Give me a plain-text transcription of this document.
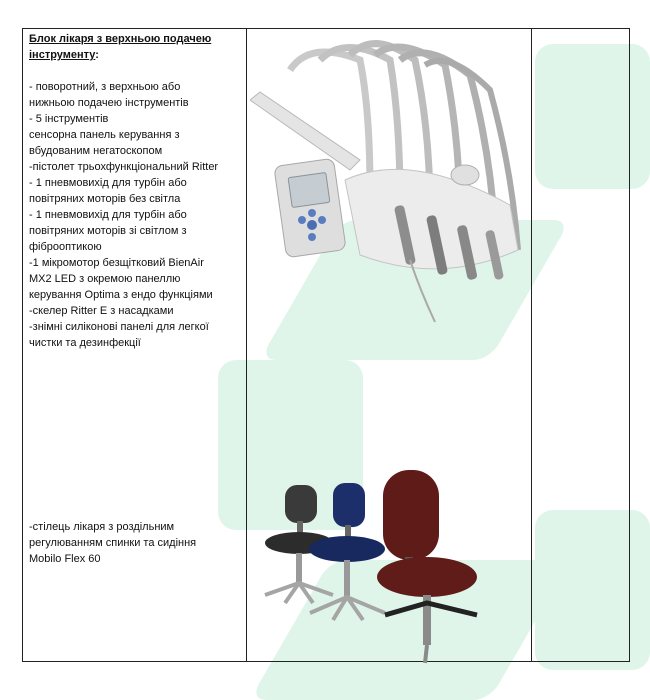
Блок лікаря з верхньою подачею
інструменту:
- поворотний, з верхньою або
нижньою подачею інструментів
- 5 інструментів
сенсорна панель керування з
вбудованим негатоскопом
-пістолет трьохфункціональний Ritter
- 1 пневмовихід для турбін або
повітряних моторів без світла
- 1 пневмовихід для турбін або
повітряних моторів зі світлом з
фіброоптикою
-1 мікромотор безщітковий BienAir
MX2 LED з окремою панеллю
керування Optima з ендо функціями
-скелер Ritter E з насадками
-знімні силіконові панелі для легкої
чистки та дезинфекції
-стілець лікаря з роздільним
регулюванням спинки та сидіння
Mobilo Flex 60
